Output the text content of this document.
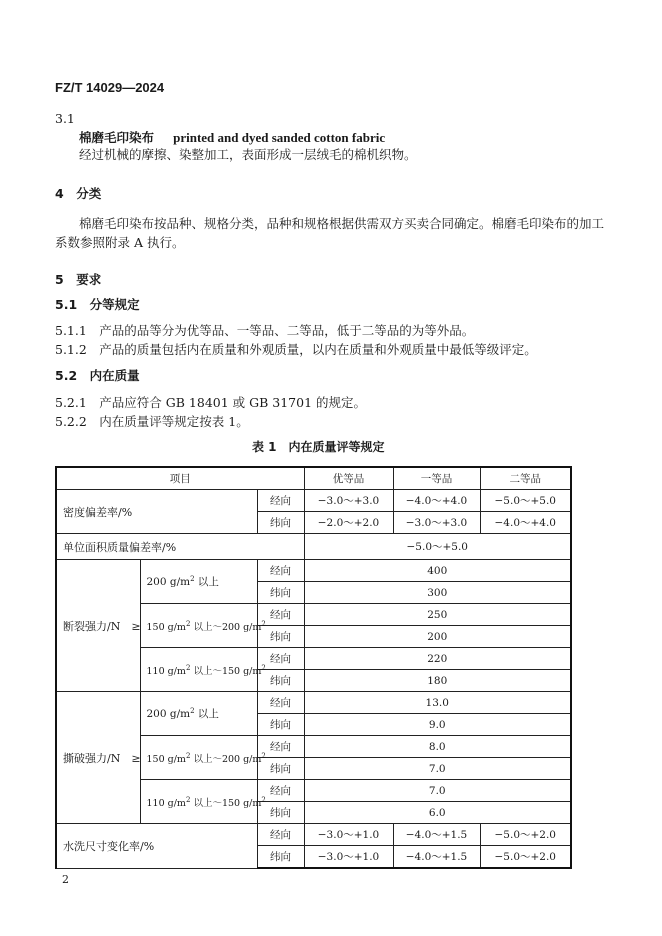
FZ/T 14029—2024
3.1
棉磨毛印染布 printed and dyed sanded cotton fabric
经过机械的摩擦、染整加工，表面形成一层绒毛的棉机织物。
4　分类
棉磨毛印染布按品种、规格分类，品种和规格根据供需双方买卖合同确定。棉磨毛印染布的加工
系数参照附录 A 执行。
5　要求
5.1　分等规定
5.1.1　产品的品等分为优等品、一等品、二等品，低于二等品的为等外品。
5.1.2　产品的质量包括内在质量和外观质量，以内在质量和外观质量中最低等级评定。
5.2　内在质量
5.2.1　产品应符合 GB 18401 或 GB 31701 的规定。
5.2.2　内在质量评等规定按表 1。
表 1　内在质量评等规定
项目			优等品	一等品	二等品
密度偏差率/%		经向	−3.0～+3.0	−4.0～+4.0	−5.0～+5.0
		纬向	−2.0～+2.0	−3.0～+3.0	−4.0～+4.0
单位面积质量偏差率/%			−5.0～+5.0		
断裂强力/N　≥	200 $g/m^2$ 以上	经向	400		
		纬向	300		
	150 $g/m^2$ 以上～200 $g/m^2$	经向	250		
		纬向	200		
	110 $g/m^2$ 以上～150 $g/m^2$	经向	220		
		纬向	180		
撕破强力/N　≥	200 $g/m^2$ 以上	经向	13.0		
		纬向	9.0		
	150 $g/m^2$ 以上～200 $g/m^2$	经向	8.0		
		纬向	7.0		
	110 $g/m^2$ 以上～150 $g/m^2$	经向	7.0		
		纬向	6.0		
水洗尺寸变化率/%		经向	−3.0～+1.0	−4.0～+1.5	−5.0～+2.0
		纬向	−3.0～+1.0	−4.0～+1.5	−5.0～+2.0
2
